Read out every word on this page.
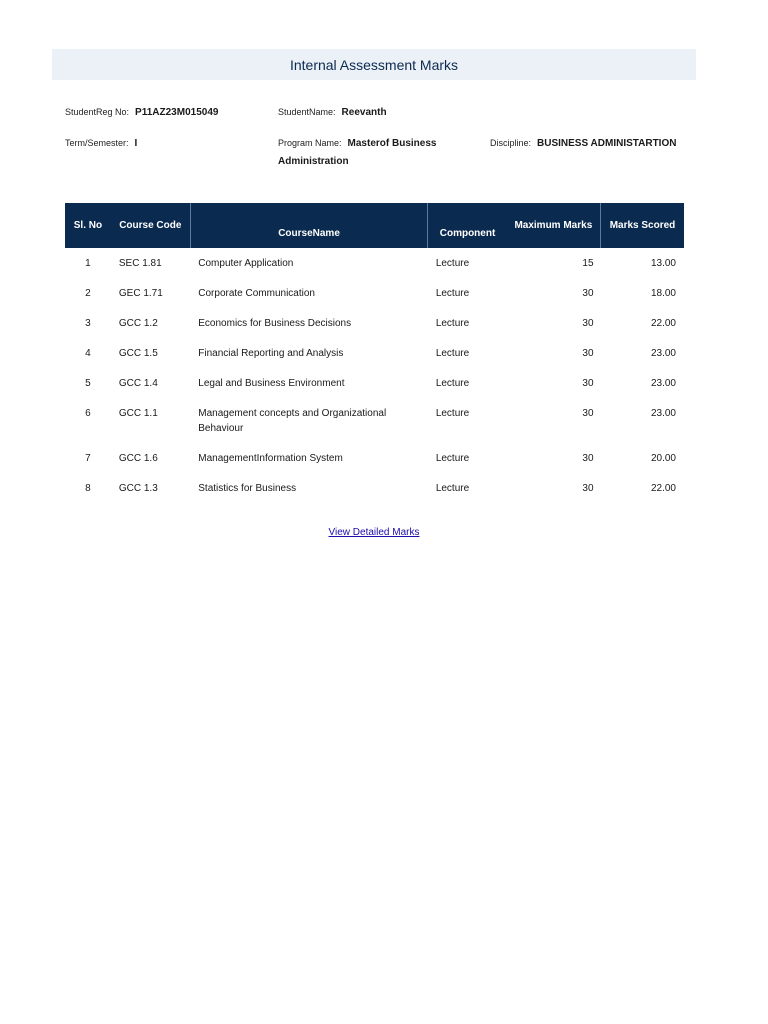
Internal Assessment Marks
StudentReg No: P11AZ23M015049	StudentName: Reevanth
Term/Semester: I	Program Name: Masterof Business Administration
Discipline: BUSINESS ADMINISTARTION
Sl. No	Course Code	CourseName	Component	Maximum Marks	Marks Scored
1	SEC 1.81	Computer Application	Lecture	15	13.00
2	GEC 1.71	Corporate Communication	Lecture	30	18.00
3	GCC 1.2	Economics for Business Decisions	Lecture	30	22.00
4	GCC 1.5	Financial Reporting and Analysis	Lecture	30	23.00
5	GCC 1.4	Legal and Business Environment	Lecture	30	23.00
6	GCC 1.1	Management concepts and Organizational Behaviour	Lecture	30	23.00
7	GCC 1.6	ManagementInformation System	Lecture	30	20.00
8	GCC 1.3	Statistics for Business	Lecture	30	22.00
View Detailed Marks
